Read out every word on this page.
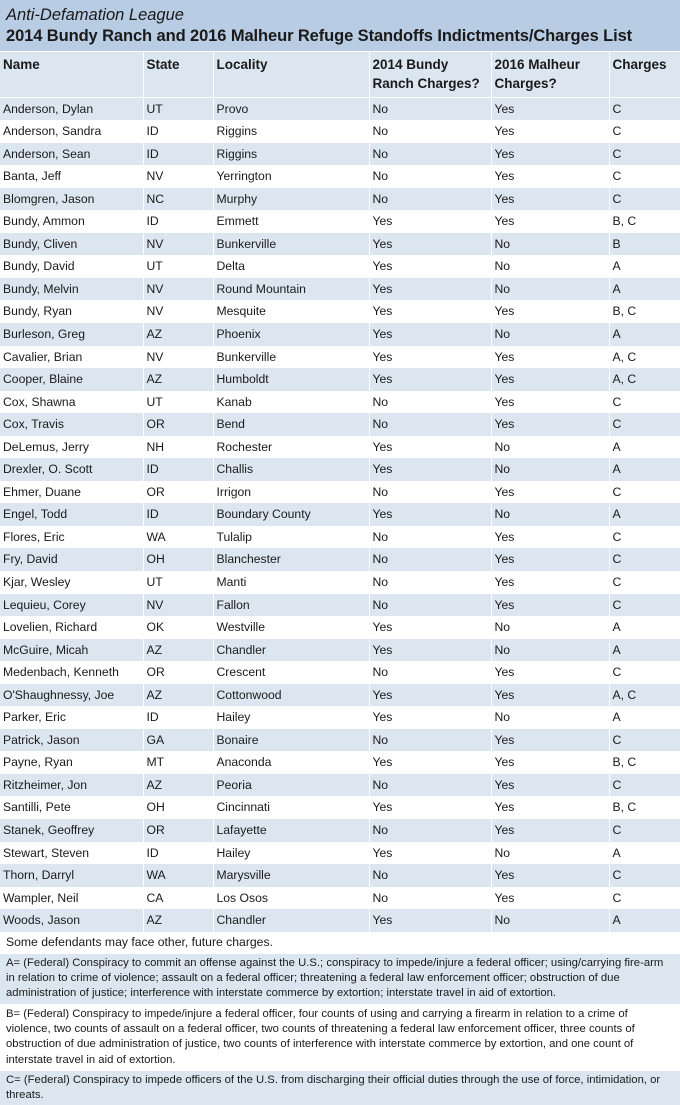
Anti-Defamation League
2014 Bundy Ranch and 2016 Malheur Refuge Standoffs Indictments/Charges List
Name	State	Locality	2014 Bundy Ranch Charges?	2016 Malheur Charges?	Charges
Anderson, Dylan	UT	Provo	No	Yes	C
Anderson, Sandra	ID	Riggins	No	Yes	C
Anderson, Sean	ID	Riggins	No	Yes	C
Banta, Jeff	NV	Yerrington	No	Yes	C
Blomgren, Jason	NC	Murphy	No	Yes	C
Bundy, Ammon	ID	Emmett	Yes	Yes	B, C
Bundy, Cliven	NV	Bunkerville	Yes	No	B
Bundy, David	UT	Delta	Yes	No	A
Bundy, Melvin	NV	Round Mountain	Yes	No	A
Bundy, Ryan	NV	Mesquite	Yes	Yes	B, C
Burleson, Greg	AZ	Phoenix	Yes	No	A
Cavalier, Brian	NV	Bunkerville	Yes	Yes	A, C
Cooper, Blaine	AZ	Humboldt	Yes	Yes	A, C
Cox, Shawna	UT	Kanab	No	Yes	C
Cox, Travis	OR	Bend	No	Yes	C
DeLemus, Jerry	NH	Rochester	Yes	No	A
Drexler, O. Scott	ID	Challis	Yes	No	A
Ehmer, Duane	OR	Irrigon	No	Yes	C
Engel, Todd	ID	Boundary County	Yes	No	A
Flores, Eric	WA	Tulalip	No	Yes	C
Fry, David	OH	Blanchester	No	Yes	C
Kjar, Wesley	UT	Manti	No	Yes	C
Lequieu, Corey	NV	Fallon	No	Yes	C
Lovelien, Richard	OK	Westville	Yes	No	A
McGuire, Micah	AZ	Chandler	Yes	No	A
Medenbach, Kenneth	OR	Crescent	No	Yes	C
O'Shaughnessy, Joe	AZ	Cottonwood	Yes	Yes	A, C
Parker, Eric	ID	Hailey	Yes	No	A
Patrick, Jason	GA	Bonaire	No	Yes	C
Payne, Ryan	MT	Anaconda	Yes	Yes	B, C
Ritzheimer, Jon	AZ	Peoria	No	Yes	C
Santilli, Pete	OH	Cincinnati	Yes	Yes	B, C
Stanek, Geoffrey	OR	Lafayette	No	Yes	C
Stewart, Steven	ID	Hailey	Yes	No	A
Thorn, Darryl	WA	Marysville	No	Yes	C
Wampler, Neil	CA	Los Osos	No	Yes	C
Woods, Jason	AZ	Chandler	Yes	No	A
Some defendants may face other, future charges.
A= (Federal) Conspiracy to commit an offense against the U.S.; conspiracy to impede/injure a federal officer; using/carrying fire-arm in relation to crime of violence; assault on a federal officer; threatening a federal law enforcement officer; obstruction of due administration of justice; interference with interstate commerce by extortion; interstate travel in aid of extortion.
B= (Federal) Conspiracy to impede/injure a federal officer, four counts of using and carrying a firearm in relation to a crime of violence, two counts of assault on a federal officer, two counts of threatening a federal law enforcement officer, three counts of obstruction of due administration of justice, two counts of interference with interstate commerce by extortion, and one count of interstate travel in aid of extortion.
C= (Federal) Conspiracy to impede officers of the U.S. from discharging their official duties through the use of force, intimidation, or threats.
